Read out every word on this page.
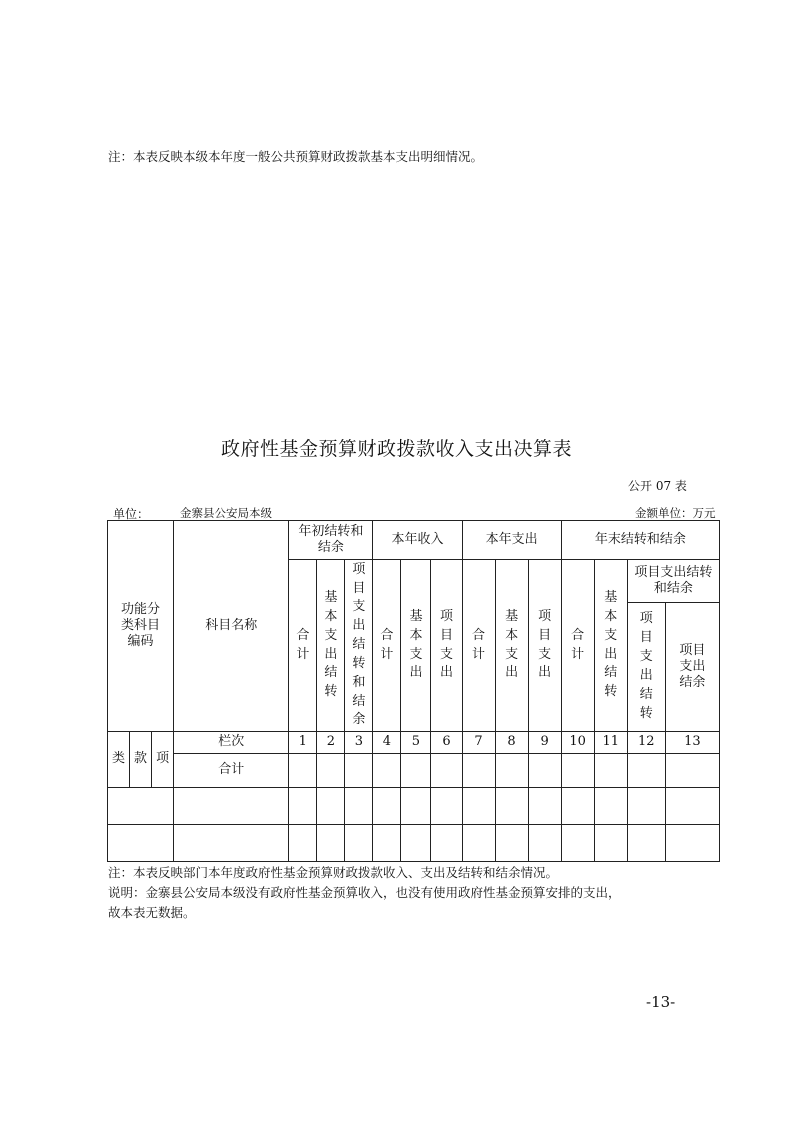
注：本表反映本级本年度一般公共预算财政拨款基本支出明细情况。
政府性基金预算财政拨款收入支出决算表
公开 07 表
单位：	金寨县公安局本级	金额单位：万元
功能分类科目编码			科目名称	年初结转和结余			本年收入			本年支出			年末结转和结余			
				合计	基本支出结转	项目支出结转和结余	合计	基本支出	项目支出	合计	基本支出	项目支出	合计	基本支出结转	项目支出结转和结余	
															项目支出结转	项目支出结余
类	款	项	栏次	1	2	3	4	5	6	7	8	9	10	11	12	13
			合计													

注：本表反映部门本年度政府性基金预算财政拨款收入、支出及结转和结余情况。
说明：金寨县公安局本级没有政府性基金预算收入，也没有使用政府性基金预算安排的支出，
故本表无数据。
-13-
